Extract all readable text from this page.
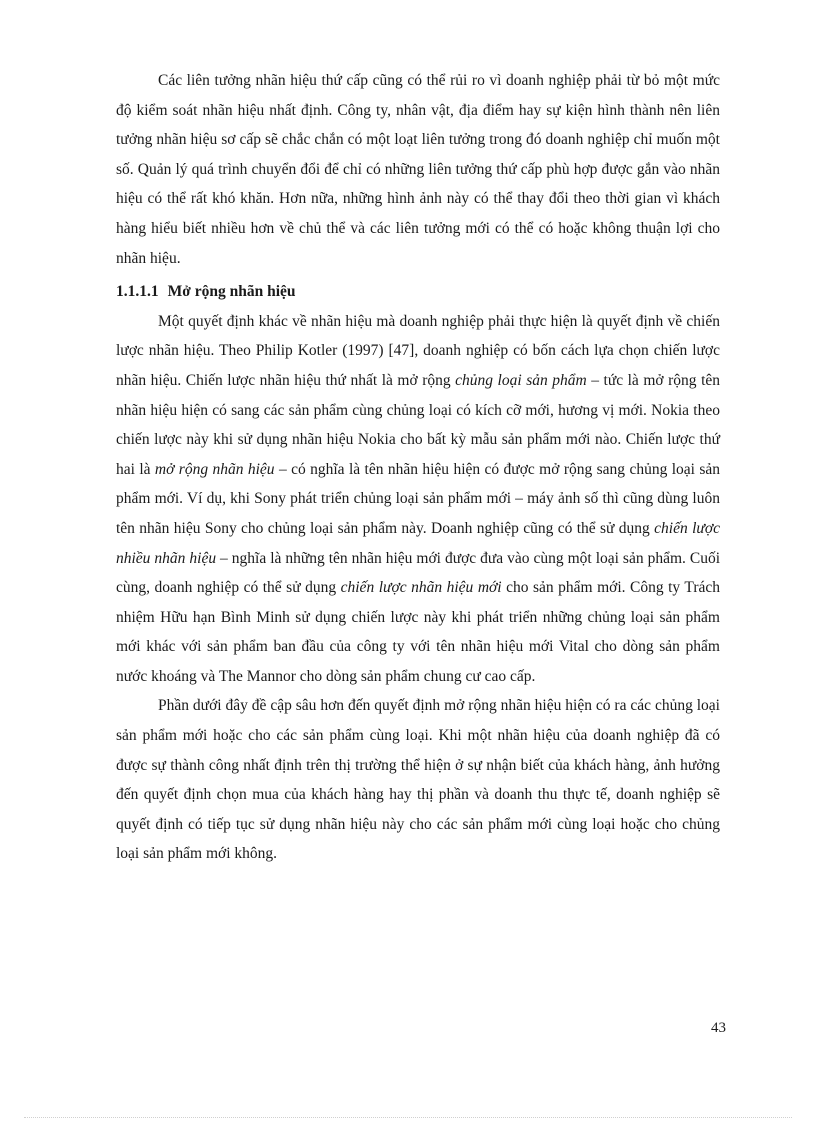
Các liên tưởng nhãn hiệu thứ cấp cũng có thể rủi ro vì doanh nghiệp phải từ bỏ một mức độ kiểm soát nhãn hiệu nhất định. Công ty, nhân vật, địa điểm hay sự kiện hình thành nên liên tưởng nhãn hiệu sơ cấp sẽ chắc chắn có một loạt liên tưởng trong đó doanh nghiệp chỉ muốn một số. Quản lý quá trình chuyển đổi để chỉ có những liên tưởng thứ cấp phù hợp được gắn vào nhãn hiệu có thể rất khó khăn. Hơn nữa, những hình ảnh này có thể thay đổi theo thời gian vì khách hàng hiểu biết nhiều hơn về chủ thể và các liên tưởng mới có thể có hoặc không thuận lợi cho nhãn hiệu.

1.1.1.1 Mở rộng nhãn hiệu

Một quyết định khác về nhãn hiệu mà doanh nghiệp phải thực hiện là quyết định về chiến lược nhãn hiệu. Theo Philip Kotler (1997) [47], doanh nghiệp có bốn cách lựa chọn chiến lược nhãn hiệu. Chiến lược nhãn hiệu thứ nhất là mở rộng chủng loại sản phẩm – tức là mở rộng tên nhãn hiệu hiện có sang các sản phẩm cùng chủng loại có kích cỡ mới, hương vị mới. Nokia theo chiến lược này khi sử dụng nhãn hiệu Nokia cho bất kỳ mẫu sản phẩm mới nào. Chiến lược thứ hai là mở rộng nhãn hiệu – có nghĩa là tên nhãn hiệu hiện có được mở rộng sang chủng loại sản phẩm mới. Ví dụ, khi Sony phát triển chủng loại sản phẩm mới – máy ảnh số thì cũng dùng luôn tên nhãn hiệu Sony cho chủng loại sản phẩm này. Doanh nghiệp cũng có thể sử dụng chiến lược nhiều nhãn hiệu – nghĩa là những tên nhãn hiệu mới được đưa vào cùng một loại sản phẩm. Cuối cùng, doanh nghiệp có thể sử dụng chiến lược nhãn hiệu mới cho sản phẩm mới. Công ty Trách nhiệm Hữu hạn Bình Minh sử dụng chiến lược này khi phát triển những chủng loại sản phẩm mới khác với sản phẩm ban đầu của công ty với tên nhãn hiệu mới Vital cho dòng sản phẩm nước khoáng và The Mannor cho dòng sản phẩm chung cư cao cấp.

Phần dưới đây đề cập sâu hơn đến quyết định mở rộng nhãn hiệu hiện có ra các chủng loại sản phẩm mới hoặc cho các sản phẩm cùng loại. Khi một nhãn hiệu của doanh nghiệp đã có được sự thành công nhất định trên thị trường thể hiện ở sự nhận biết của khách hàng, ảnh hưởng đến quyết định chọn mua của khách hàng hay thị phần và doanh thu thực tế, doanh nghiệp sẽ quyết định có tiếp tục sử dụng nhãn hiệu này cho các sản phẩm mới cùng loại hoặc cho chủng loại sản phẩm mới không.

43
